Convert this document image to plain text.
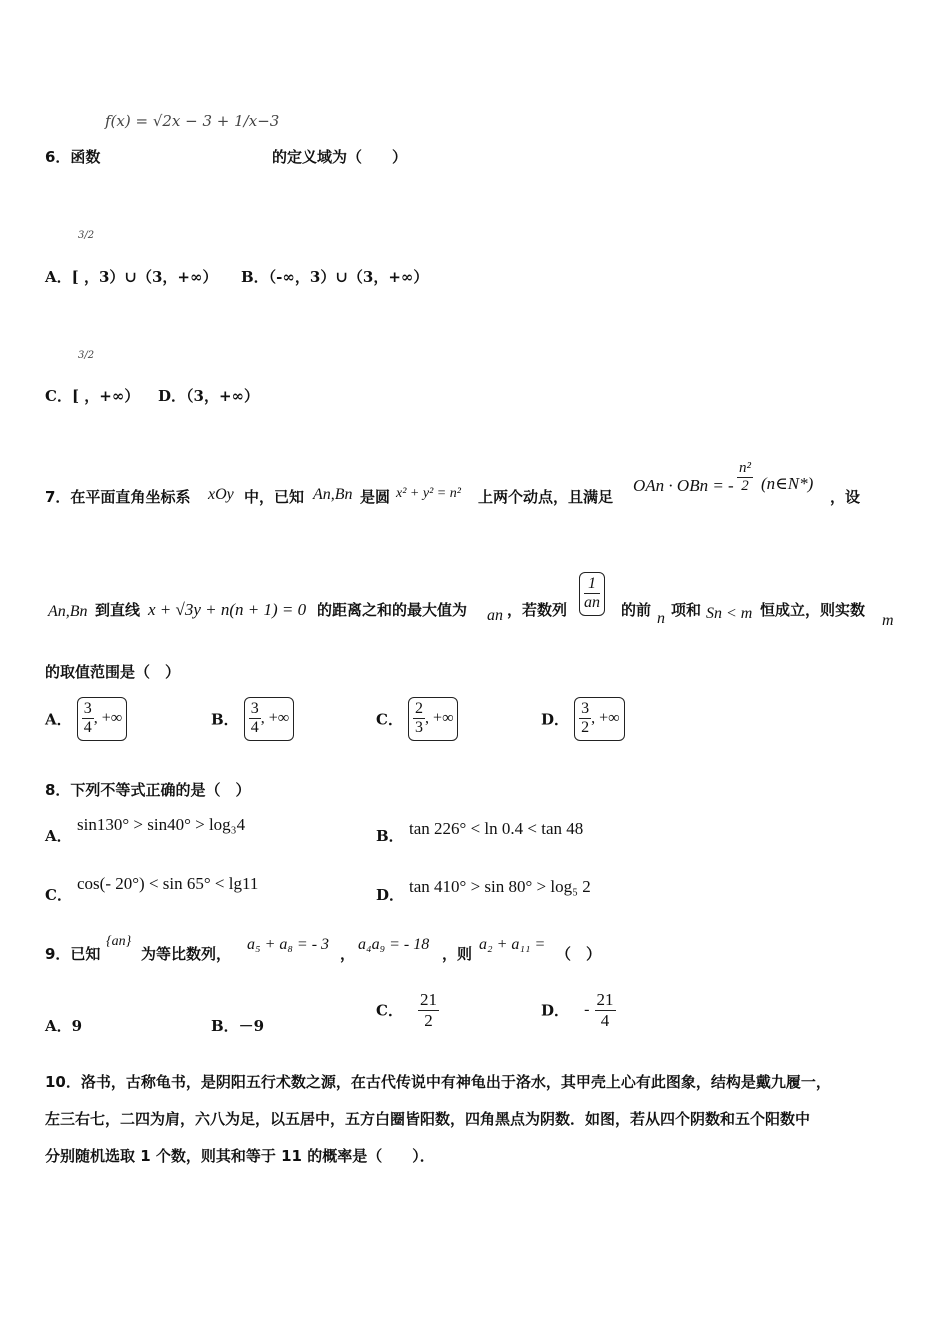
𝑓(𝑥) = √2𝑥 − 3 + 1/𝑥−3
6．函数	的定义域为（　　）
3/2
A．[ ，3）∪（3，+∞） B．（-∞，3）∪（3，+∞）
3/2
C．[ ，+∞） D．（3，+∞）
7．在平面直角坐标系 xOy 中，已知 An,Bn 是圆 x² + y² = n² 上两个动点，且满足
OAn · OBn = - $\frac{\text{n²}}{2}$ (n∈N*)
，设
An,Bn 到直线 x + √3y + n(n + 1) = 0 的距离之和的最大值为 an ，若数列 $\frac{1}{an}$ 的前 n 项和 Sn < m 恒成立，则实数
m
的取值范围是（　）
A． $\frac{3}{4}$ , +∞	B． $\frac{3}{4}$ , +∞	C． $\frac{2}{3}$ , +∞	D． $\frac{3}{2}$ , +∞
8．下列不等式正确的是（　）
A．
sin130° > sin40° > log₃4
B． tan 226° < ln 0.4 < tan 48
C．
cos(- 20°) < sin 65° < lg11
D． tan 410° > sin 80° > log₅ 2
9．已知
{an}
为等比数列，
a₅ + a₈ = - 3
，
a₄a₉ = - 18
，则
a₂ + a₁₁ =
（　）
A．9	B．－9
C． $\frac{21}{2}$	D． - $\frac{21}{4}$
10．洛书，古称龟书，是阴阳五行术数之源，在古代传说中有神龟出于洛水，其甲壳上心有此图象，结构是戴九履一，
左三右七，二四为肩，六八为足，以五居中，五方白圈皆阳数，四角黑点为阴数．如图，若从四个阴数和五个阳数中
分别随机选取 1 个数，则其和等于 11 的概率是（　　）．
